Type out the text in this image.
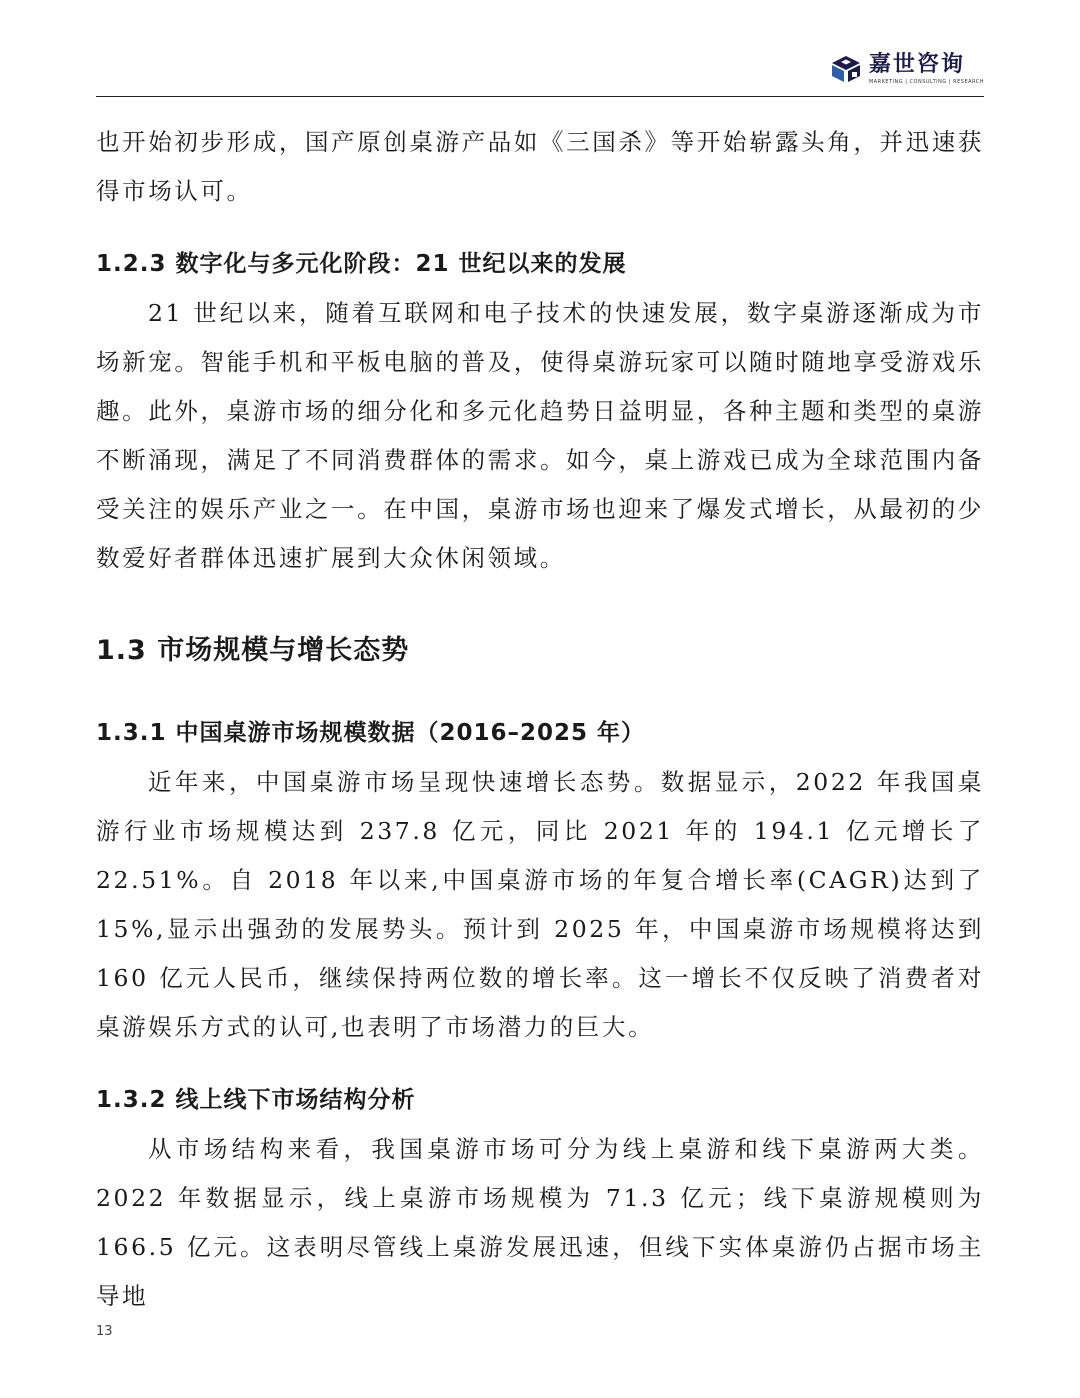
嘉世咨询
MARKETING | CONSULTING | RESEARCH

也开始初步形成，国产原创桌游产品如《三国杀》等开始崭露头角，并迅速获得市场认可。

1.2.3 数字化与多元化阶段：21 世纪以来的发展

21 世纪以来，随着互联网和电子技术的快速发展，数字桌游逐渐成为市场新宠。智能手机和平板电脑的普及，使得桌游玩家可以随时随地享受游戏乐趣。此外，桌游市场的细分化和多元化趋势日益明显，各种主题和类型的桌游不断涌现，满足了不同消费群体的需求。如今，桌上游戏已成为全球范围内备受关注的娱乐产业之一。在中国，桌游市场也迎来了爆发式增长，从最初的少数爱好者群体迅速扩展到大众休闲领域。

1.3 市场规模与增长态势
1.3.1 中国桌游市场规模数据（2016–2025 年）

近年来，中国桌游市场呈现快速增长态势。数据显示，2022 年我国桌游行业市场规模达到 237.8 亿元，同比 2021 年的 194.1 亿元增长了 22.51%。自 2018 年以来,中国桌游市场的年复合增长率(CAGR)达到了 15%,显示出强劲的发展势头。预计到 2025 年，中国桌游市场规模将达到 160 亿元人民币，继续保持两位数的增长率。这一增长不仅反映了消费者对桌游娱乐方式的认可,也表明了市场潜力的巨大。

1.3.2 线上线下市场结构分析

从市场结构来看，我国桌游市场可分为线上桌游和线下桌游两大类。2022 年数据显示，线上桌游市场规模为 71.3 亿元；线下桌游规模则为 166.5 亿元。这表明尽管线上桌游发展迅速，但线下实体桌游仍占据市场主导地

13
